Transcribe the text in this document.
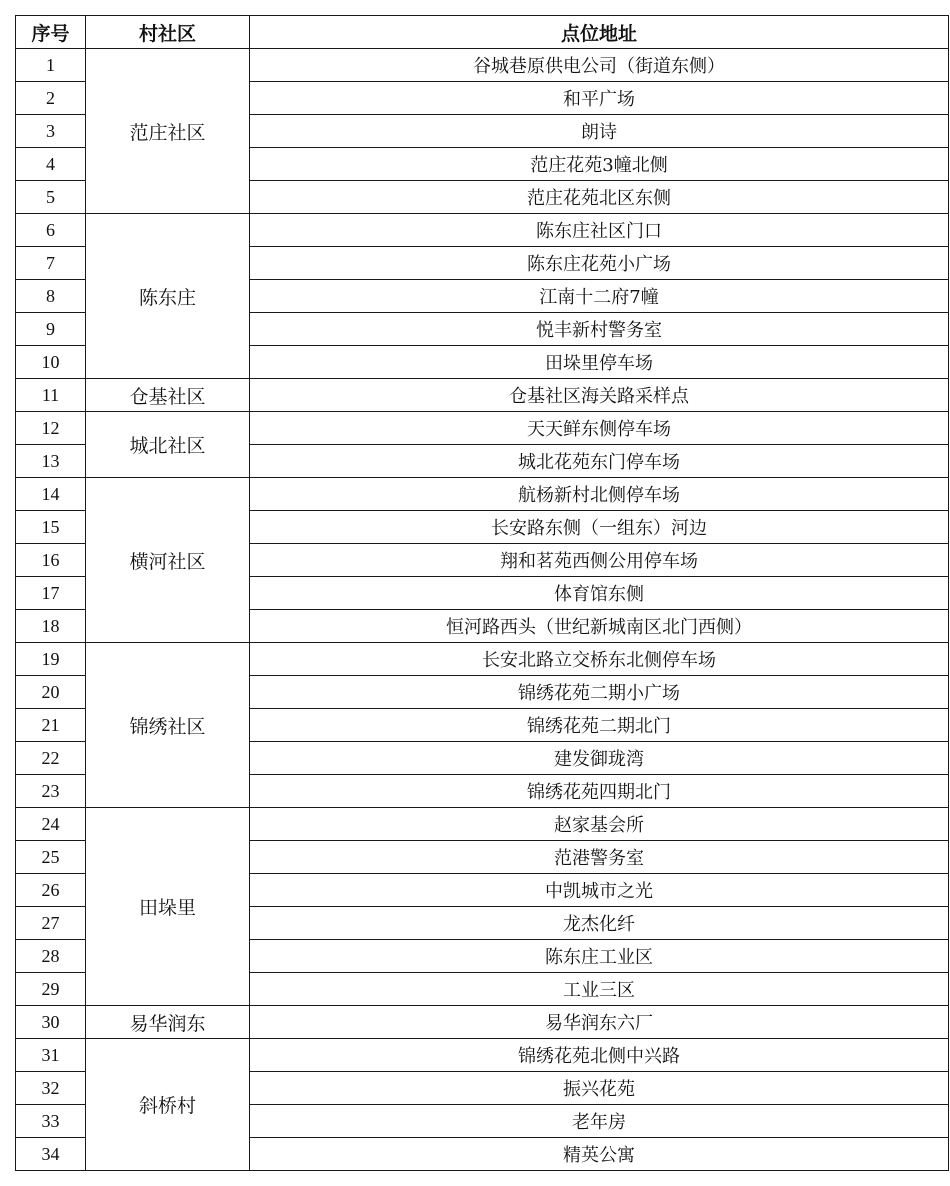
序号	村社区	点位地址
1	范庄社区	谷城巷原供电公司（街道东侧）
2		和平广场
3		朗诗
4		范庄花苑3幢北侧
5		范庄花苑北区东侧
6	陈东庄	陈东庄社区门口
7		陈东庄花苑小广场
8		江南十二府7幢
9		悦丰新村警务室
10		田垛里停车场
11	仓基社区	仓基社区海关路采样点
12	城北社区	天天鲜东侧停车场
13		城北花苑东门停车场
14	横河社区	航杨新村北侧停车场
15		长安路东侧（一组东）河边
16		翔和茗苑西侧公用停车场
17		体育馆东侧
18		恒河路西头（世纪新城南区北门西侧）
19	锦绣社区	长安北路立交桥东北侧停车场
20		锦绣花苑二期小广场
21		锦绣花苑二期北门
22		建发御珑湾
23		锦绣花苑四期北门
24	田垛里	赵家基会所
25		范港警务室
26		中凯城市之光
27		龙杰化纤
28		陈东庄工业区
29		工业三区
30	易华润东	易华润东六厂
31	斜桥村	锦绣花苑北侧中兴路
32		振兴花苑
33		老年房
34		精英公寓
